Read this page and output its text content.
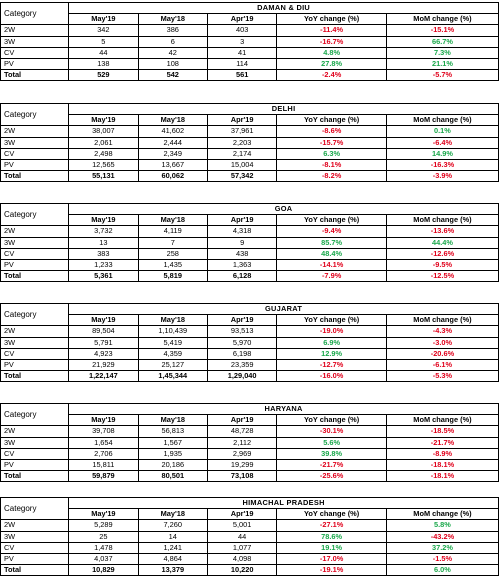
Category	DAMAN & DIU				
	May'19	May'18	Apr'19	YoY change (%)	MoM change (%)
2W	342	386	403	-11.4%	-15.1%
3W	5	6	3	-16.7%	66.7%
CV	44	42	41	4.8%	7.3%
PV	138	108	114	27.8%	21.1%
Total	529	542	561	-2.4%	-5.7%
Category	DELHI				
	May'19	May'18	Apr'19	YoY change (%)	MoM change (%)
2W	38,007	41,602	37,961	-8.6%	0.1%
3W	2,061	2,444	2,203	-15.7%	-6.4%
CV	2,498	2,349	2,174	6.3%	14.9%
PV	12,565	13,667	15,004	-8.1%	-16.3%
Total	55,131	60,062	57,342	-8.2%	-3.9%
Category	GOA				
	May'19	May'18	Apr'19	YoY change (%)	MoM change (%)
2W	3,732	4,119	4,318	-9.4%	-13.6%
3W	13	7	9	85.7%	44.4%
CV	383	258	438	48.4%	-12.6%
PV	1,233	1,435	1,363	-14.1%	-9.5%
Total	5,361	5,819	6,128	-7.9%	-12.5%
Category	GUJARAT				
	May'19	May'18	Apr'19	YoY change (%)	MoM change (%)
2W	89,504	1,10,439	93,513	-19.0%	-4.3%
3W	5,791	5,419	5,970	6.9%	-3.0%
CV	4,923	4,359	6,198	12.9%	-20.6%
PV	21,929	25,127	23,359	-12.7%	-6.1%
Total	1,22,147	1,45,344	1,29,040	-16.0%	-5.3%
Category	HARYANA				
	May'19	May'18	Apr'19	YoY change (%)	MoM change (%)
2W	39,708	56,813	48,728	-30.1%	-18.5%
3W	1,654	1,567	2,112	5.6%	-21.7%
CV	2,706	1,935	2,969	39.8%	-8.9%
PV	15,811	20,186	19,299	-21.7%	-18.1%
Total	59,879	80,501	73,108	-25.6%	-18.1%
Category	HIMACHAL PRADESH				
	May'19	May'18	Apr'19	YoY change (%)	MoM change (%)
2W	5,289	7,260	5,001	-27.1%	5.8%
3W	25	14	44	78.6%	-43.2%
CV	1,478	1,241	1,077	19.1%	37.2%
PV	4,037	4,864	4,098	-17.0%	-1.5%
Total	10,829	13,379	10,220	-19.1%	6.0%
